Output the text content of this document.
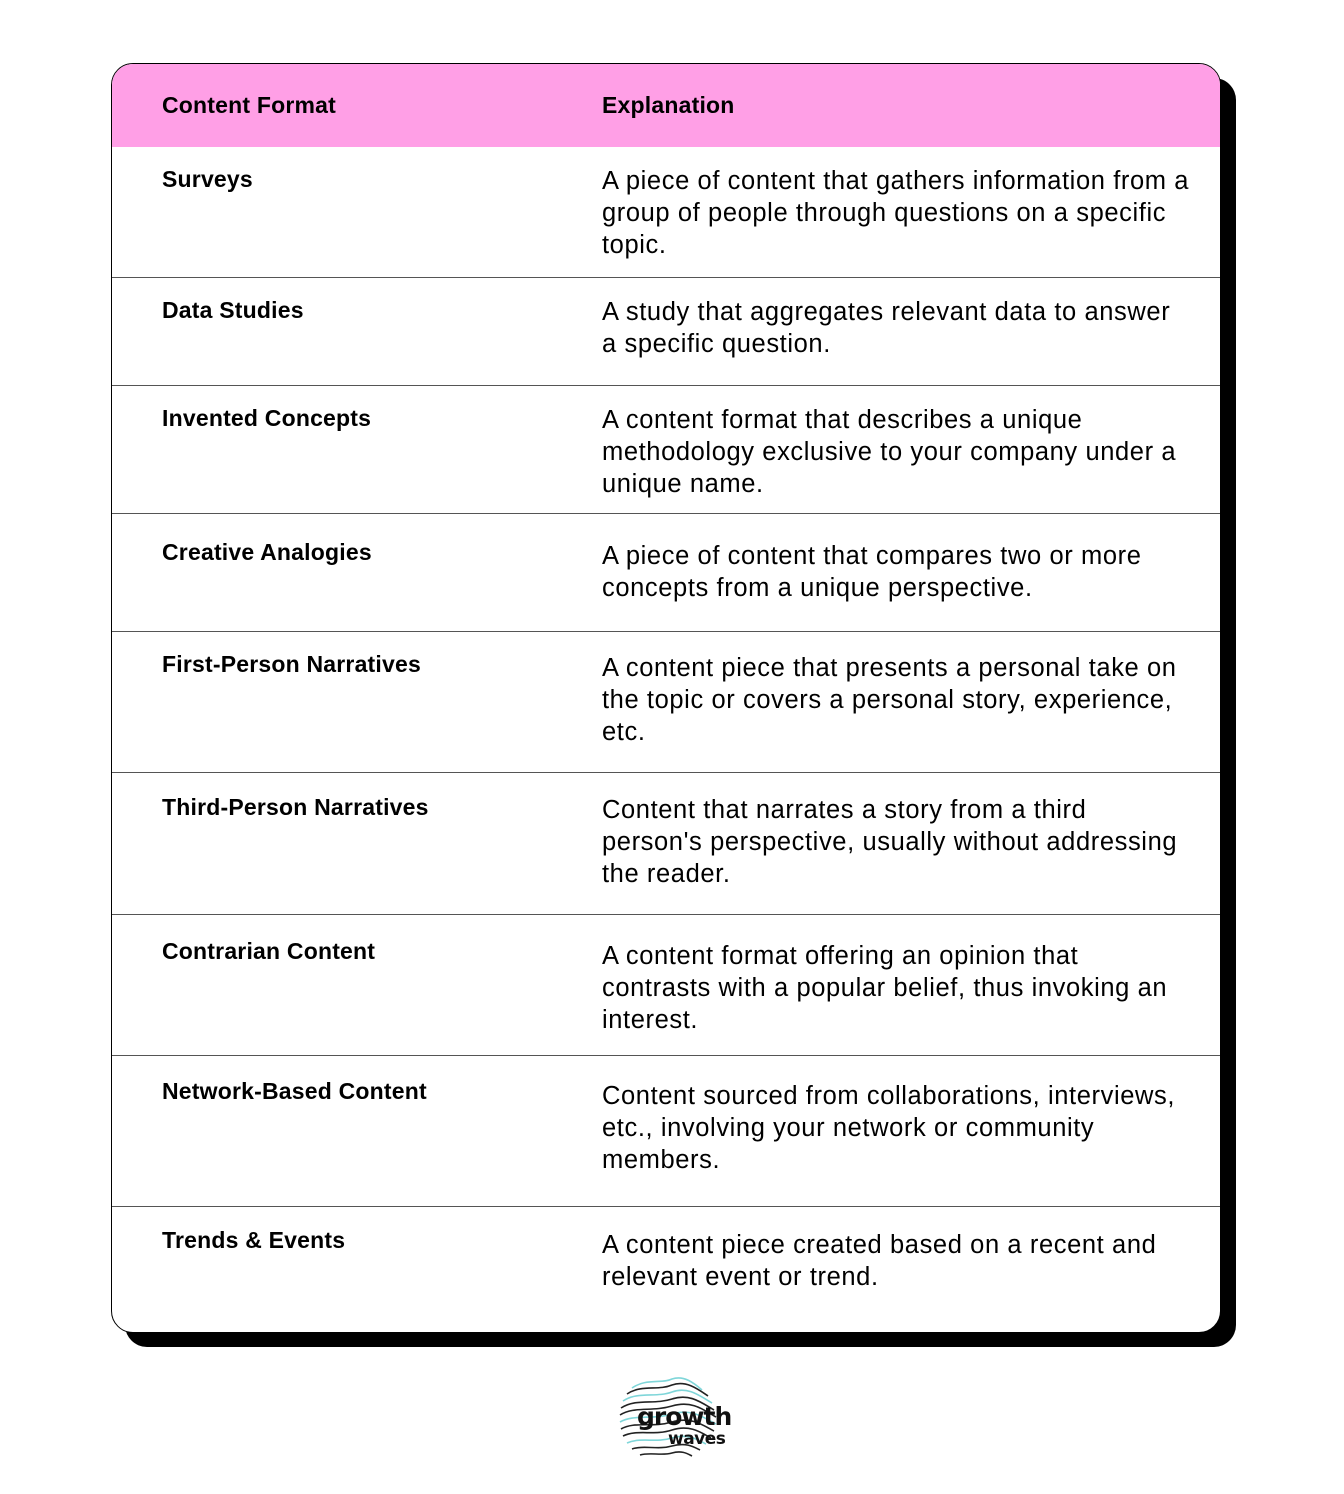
Content Format	Explanation
Surveys	A piece of content that gathers information from a group of people through questions on a specific topic.
Data Studies	A study that aggregates relevant data to answer a specific question.
Invented Concepts	A content format that describes a unique methodology exclusive to your company under a unique name.
Creative Analogies	A piece of content that compares two or more concepts from a unique perspective.
First-Person Narratives	A content piece that presents a personal take on the topic or covers a personal story, experience, etc.
Third-Person Narratives	Content that narrates a story from a third person's perspective, usually without addressing the reader.
Contrarian Content	A content format offering an opinion that contrasts with a popular belief, thus invoking an interest.
Network-Based Content	Content sourced from collaborations, interviews, etc., involving your network or community members.
Trends & Events	A content piece created based on a recent and relevant event or trend.
growth
waves
